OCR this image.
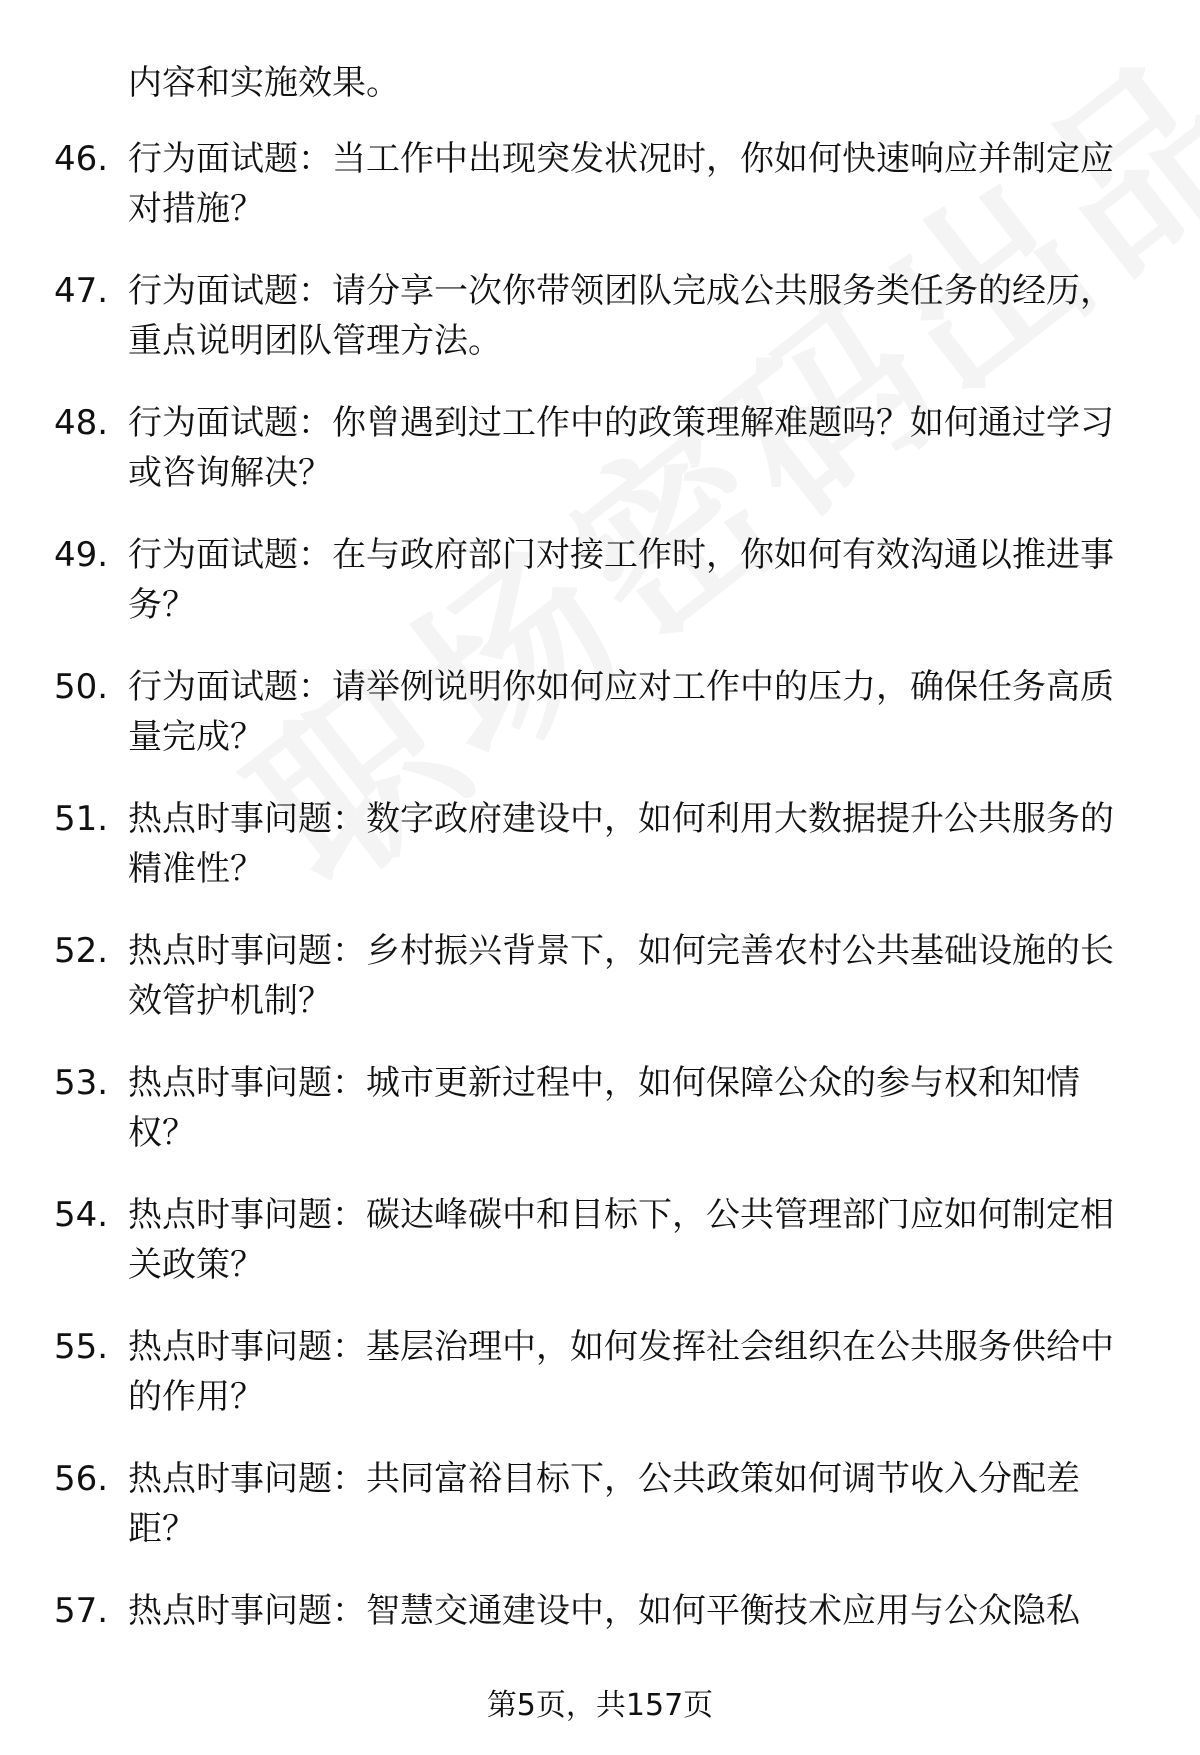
内容和实施效果。

46. 行为面试题：当工作中出现突发状况时，你如何快速响应并制定应对措施？
47. 行为面试题：请分享一次你带领团队完成公共服务类任务的经历，重点说明团队管理方法。
48. 行为面试题：你曾遇到过工作中的政策理解难题吗？如何通过学习或咨询解决？
49. 行为面试题：在与政府部门对接工作时，你如何有效沟通以推进事务？
50. 行为面试题：请举例说明你如何应对工作中的压力，确保任务高质量完成？
51. 热点时事问题：数字政府建设中，如何利用大数据提升公共服务的精准性？
52. 热点时事问题：乡村振兴背景下，如何完善农村公共基础设施的长效管护机制？
53. 热点时事问题：城市更新过程中，如何保障公众的参与权和知情权？
54. 热点时事问题：碳达峰碳中和目标下，公共管理部门应如何制定相关政策？
55. 热点时事问题：基层治理中，如何发挥社会组织在公共服务供给中的作用？
56. 热点时事问题：共同富裕目标下，公共政策如何调节收入分配差距？
57. 热点时事问题：智慧交通建设中，如何平衡技术应用与公众隐私
第5页，共157页
